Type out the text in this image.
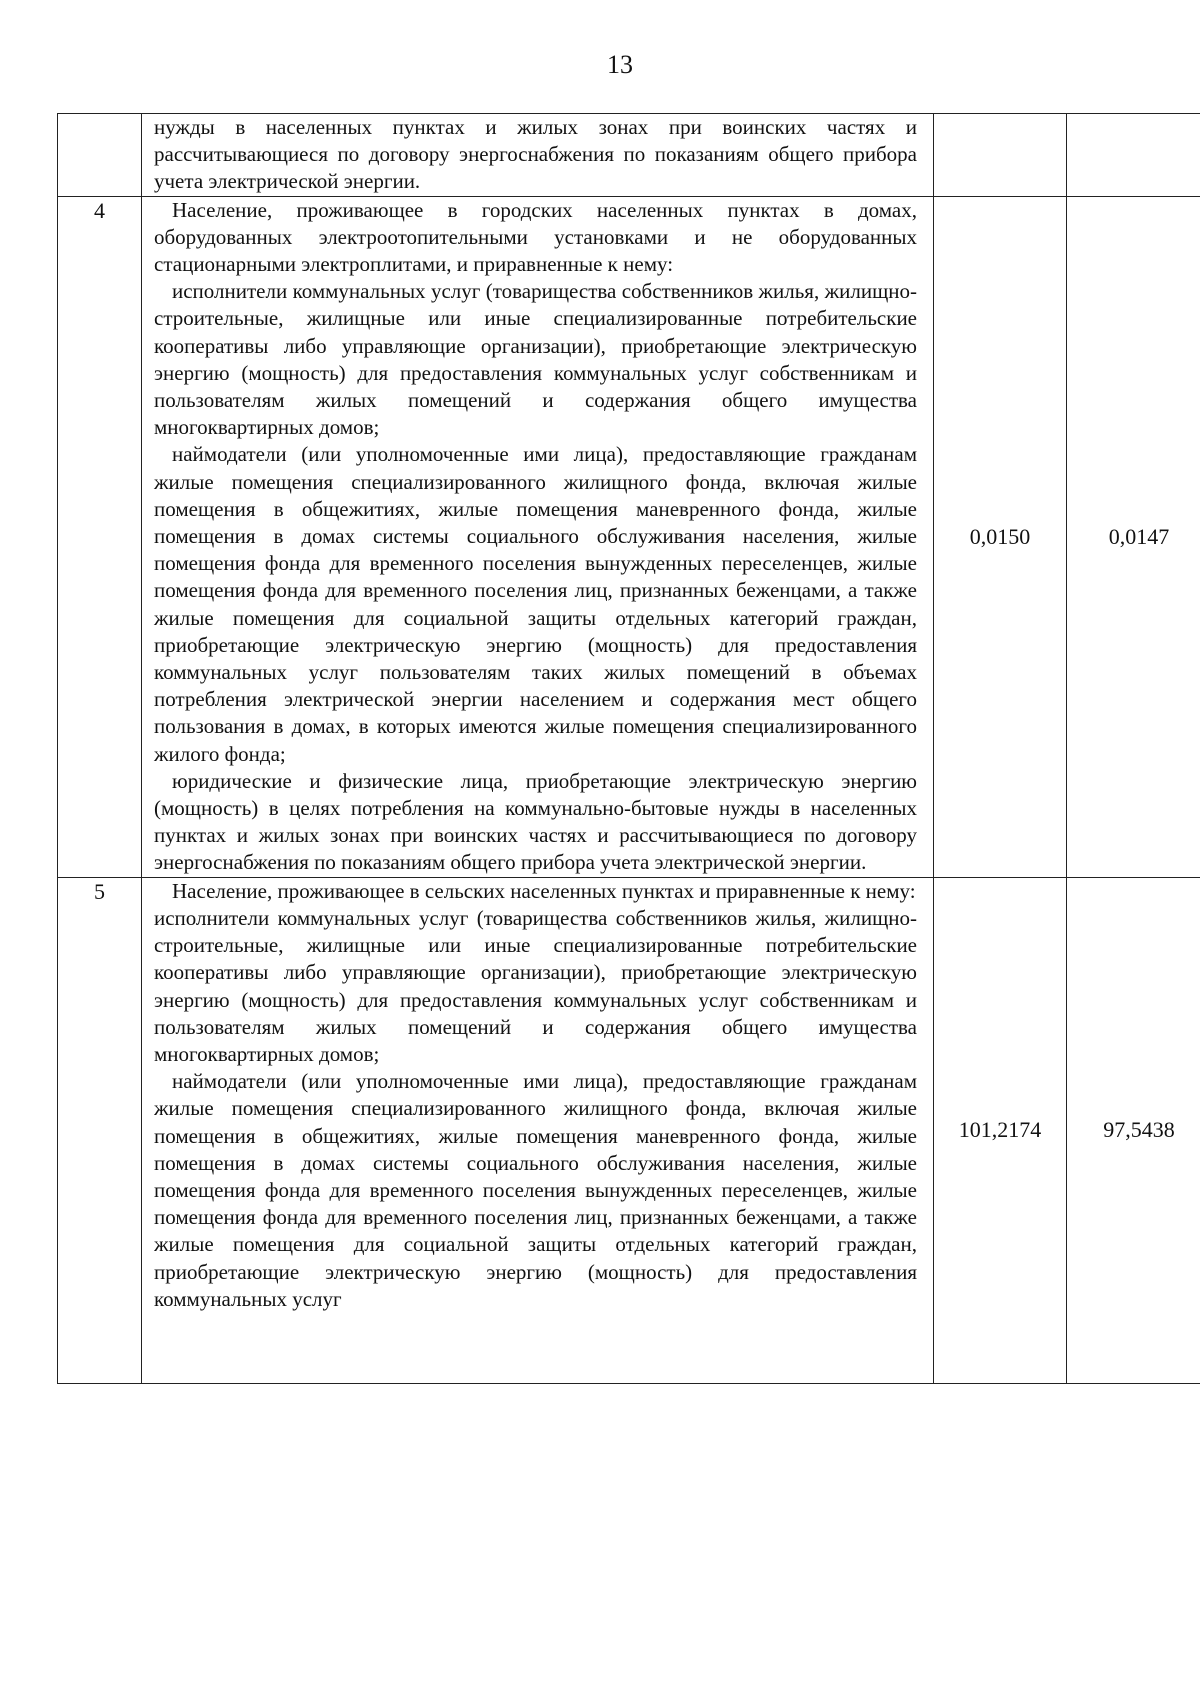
13

	нужды в населенных пунктах и жилых зонах при воинских частях и рассчитывающиеся по договору энергоснабжения по показаниям общего прибора учета электрической энергии.		

4	Население, проживающее в городских населенных пунктах в домах, оборудованных электроотопительными установками и не оборудованных стационарными электроплитами, и приравненные к нему:

исполнители коммунальных услуг (товарищества собственников жилья, жилищно-строительные, жилищные или иные специализированные потребительские кооперативы либо управляющие организации), приобретающие электрическую энергию (мощность) для предоставления коммунальных услуг собственникам и пользователям жилых помещений и содержания общего имущества многоквартирных домов;

наймодатели (или уполномоченные ими лица), предоставляющие гражданам жилые помещения специализированного жилищного фонда, включая жилые помещения в общежитиях, жилые помещения маневренного фонда, жилые помещения в домах системы социального обслуживания населения, жилые помещения фонда для временного поселения вынужденных переселенцев, жилые помещения фонда для временного поселения лиц, признанных беженцами, а также жилые помещения для социальной защиты отдельных категорий граждан, приобретающие электрическую энергию (мощность) для предоставления коммунальных услуг пользователям таких жилых помещений в объемах потребления электрической энергии населением и содержания мест общего пользования в домах, в которых имеются жилые помещения специализированного жилого фонда;

юридические и физические лица, приобретающие электрическую энергию (мощность) в целях потребления на коммунально-бытовые нужды в населенных пунктах и жилых зонах при воинских частях и рассчитывающиеся по договору энергоснабжения по показаниям общего прибора учета электрической энергии.	0,0150	0,0147
5	Население, проживающее в сельских населенных пунктах и приравненные к нему:

исполнители коммунальных услуг (товарищества собственников жилья, жилищно-строительные, жилищные или иные специализированные потребительские кооперативы либо управляющие организации), приобретающие электрическую энергию (мощность) для предоставления коммунальных услуг собственникам и пользователям жилых помещений и содержания общего имущества многоквартирных домов;

наймодатели (или уполномоченные ими лица), предоставляющие гражданам жилые помещения специализированного жилищного фонда, включая жилые помещения в общежитиях, жилые помещения маневренного фонда, жилые помещения в домах системы социального обслуживания населения, жилые помещения фонда для временного поселения вынужденных переселенцев, жилые помещения фонда для временного поселения лиц, признанных беженцами, а также жилые помещения для социальной защиты отдельных категорий граждан, приобретающие электрическую энергию (мощность) для предоставления коммунальных услуг	101,2174	97,5438
